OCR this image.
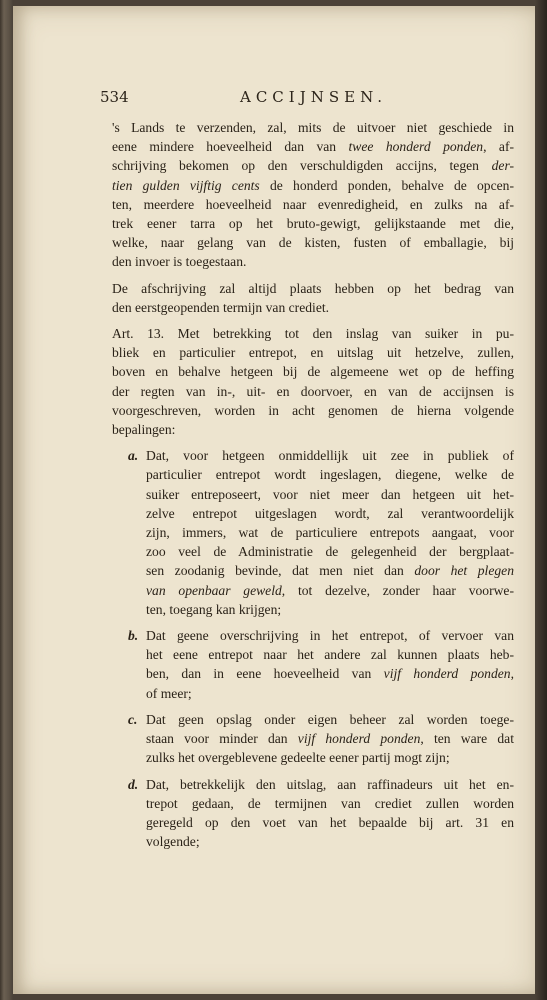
534	ACCIJNSEN.

's Lands te verzenden, zal, mits de uitvoer niet geschiede in
eene mindere hoeveelheid dan van twee honderd ponden, af-
schrijving bekomen op den verschuldigden accijns, tegen der-
tien gulden vijftig cents de honderd ponden, behalve de opcen-
ten, meerdere hoeveelheid naar evenredigheid, en zulks na af-
trek eener tarra op het bruto-gewigt, gelijkstaande met die,
welke, naar gelang van de kisten, fusten of emballagie, bij
den invoer is toegestaan.

De afschrijving zal altijd plaats hebben op het bedrag van
den eerstgeopenden termijn van crediet.

Art. 13. Met betrekking tot den inslag van suiker in pu-
bliek en particulier entrepot, en uitslag uit hetzelve, zullen,
boven en behalve hetgeen bij de algemeene wet op de heffing
der regten van in-, uit- en doorvoer, en van de accijnsen is
voorgeschreven, worden in acht genomen de hierna volgende
bepalingen:

a. Dat, voor hetgeen onmiddellijk uit zee in publiek of
particulier entrepot wordt ingeslagen, diegene, welke de
suiker entreposeert, voor niet meer dan hetgeen uit het-
zelve entrepot uitgeslagen wordt, zal verantwoordelijk
zijn, immers, wat de particuliere entrepots aangaat, voor
zoo veel de Administratie de gelegenheid der bergplaat-
sen zoodanig bevinde, dat men niet dan door het plegen
van openbaar geweld, tot dezelve, zonder haar voorwe-
ten, toegang kan krijgen;

b. Dat geene overschrijving in het entrepot, of vervoer van
het eene entrepot naar het andere zal kunnen plaats heb-
ben, dan in eene hoeveelheid van vijf honderd ponden,
of meer;

c. Dat geen opslag onder eigen beheer zal worden toege-
staan voor minder dan vijf honderd ponden, ten ware dat
zulks het overgeblevene gedeelte eener partij mogt zijn;

d. Dat, betrekkelijk den uitslag, aan raffinadeurs uit het en-
trepot gedaan, de termijnen van crediet zullen worden
geregeld op den voet van het bepaalde bij art. 31 en
volgende;
